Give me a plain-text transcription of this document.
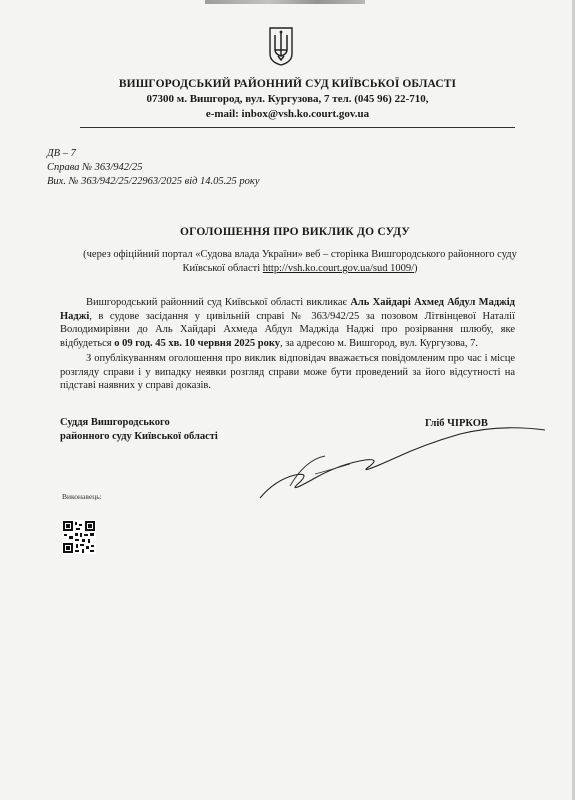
ВИШГОРОДСЬКИЙ РАЙОННИЙ СУД КИЇВСЬКОЇ ОБЛАСТІ
07300 м. Вишгород, вул. Кургузова, 7 тел. (045 96) 22-710,
e-mail: inbox@vsh.ko.court.gov.ua
ДВ – 7
Справа № 363/942/25
Вих. № 363/942/25/22963/2025 від 14.05.25 року
ОГОЛОШЕННЯ ПРО ВИКЛИК ДО СУДУ
(через офіційний портал «Судова влада України» веб – сторінка Вишгородського районного суду Київської області http://vsh.ko.court.gov.ua/sud 1009/)
Вишгородський районний суд Київської області викликає Аль Хайдарі Ахмед Абдул Маджід Наджі, в судове засідання у цивільній справі № 363/942/25 за позовом Літвінцевої Наталії Володимирівни до Аль Хайдарі Ахмеда Абдул Маджіда Наджі про розірвання шлюбу, яке відбудеться о 09 год. 45 хв. 10 червня 2025 року, за адресою м. Вишгород, вул. Кургузова, 7.
З опублікуванням оголошення про виклик відповідач вважається повідомленим про час і місце розгляду справи і у випадку неявки розгляд справи може бути проведений за його відсутності на підставі наявних у справі доказів.
Суддя Вишгородського
районного суду Київської області
Гліб ЧІРКОВ
Виконавець:
